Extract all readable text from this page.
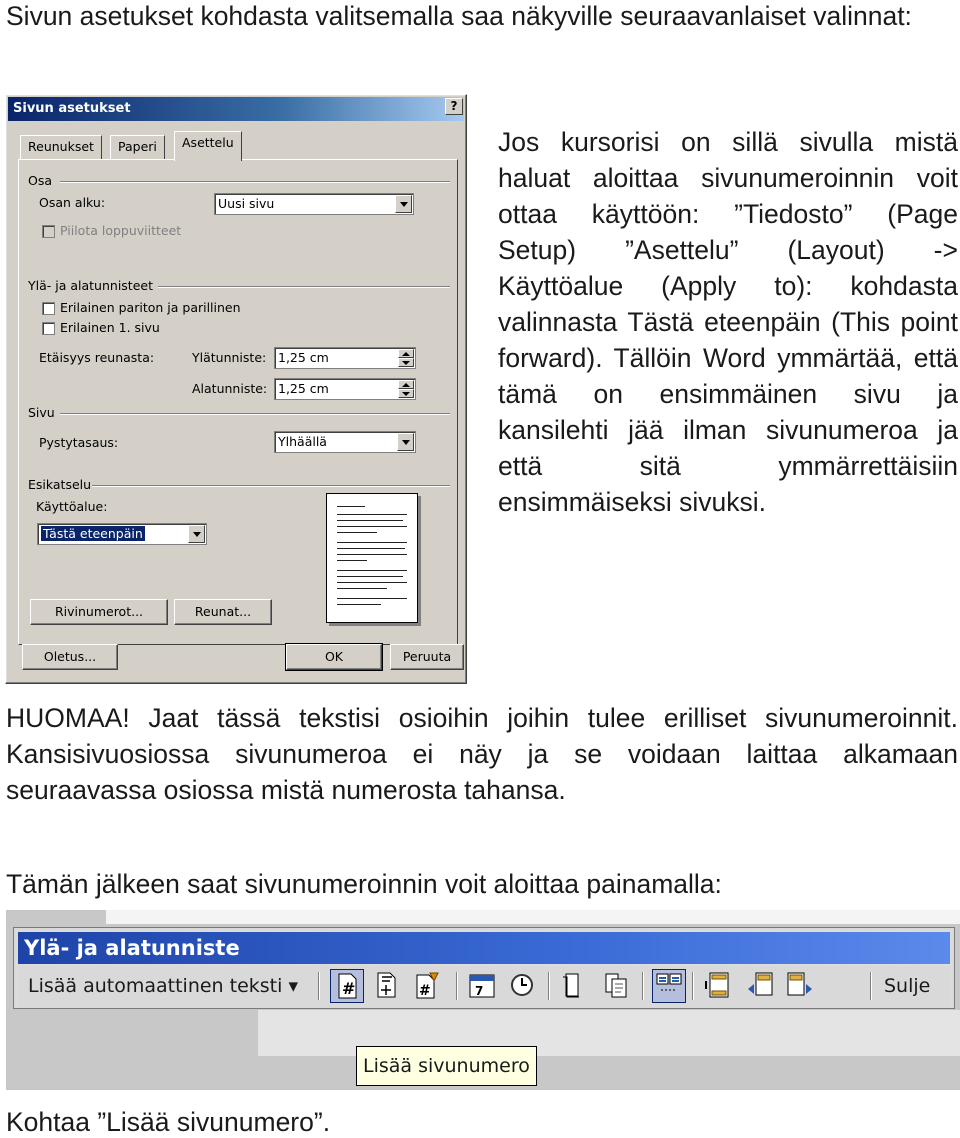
Sivun asetukset kohdasta valitsemalla saa näkyville seuraavanlaiset valinnat:
Sivun asetukset	?
Reunukset	Paperi	Asettelu
Osa
Osan alku:	Uusi sivu
Piilota loppuviitteet
Ylä- ja alatunnisteet
Erilainen pariton ja parillinen
Erilainen 1. sivu
Etäisyys reunasta:	Ylätunniste: 1,25 cm
Alatunniste: 1,25 cm
Sivu
Pystytasaus:	Ylhäällä
Esikatselu
Käyttöalue:
Tästä eteenpäin
Rivinumerot...	Reunat...
Oletus...	OK	Peruuta
Jos kursorisi on sillä sivulla mistä haluat aloittaa sivunumeroinnin voit ottaa käyttöön: ”Tiedosto” (Page Setup) ”Asettelu” (Layout) -> Käyttöalue (Apply to): kohdasta valinnasta Tästä eteenpäin (This point forward). Tällöin Word ymmärtää, että tämä on ensimmäinen sivu ja kansilehti jää ilman sivunumeroa ja että sitä ymmärrettäisiin ensimmäiseksi sivuksi.
HUOMAA! Jaat tässä tekstisi osioihin joihin tulee erilliset sivunumeroinnit. Kansisivuosiossa sivunumeroa ei näy ja se voidaan laittaa alkamaan seuraavassa osiossa mistä numerosta tahansa.
Tämän jälkeen saat sivunumeroinnin voit aloittaa painamalla:
Ylä- ja alatunniste
Lisää automaattinen teksti ▾	#	#	7	Sulje
Lisää sivunumero
Kohtaa ”Lisää sivunumero”.
